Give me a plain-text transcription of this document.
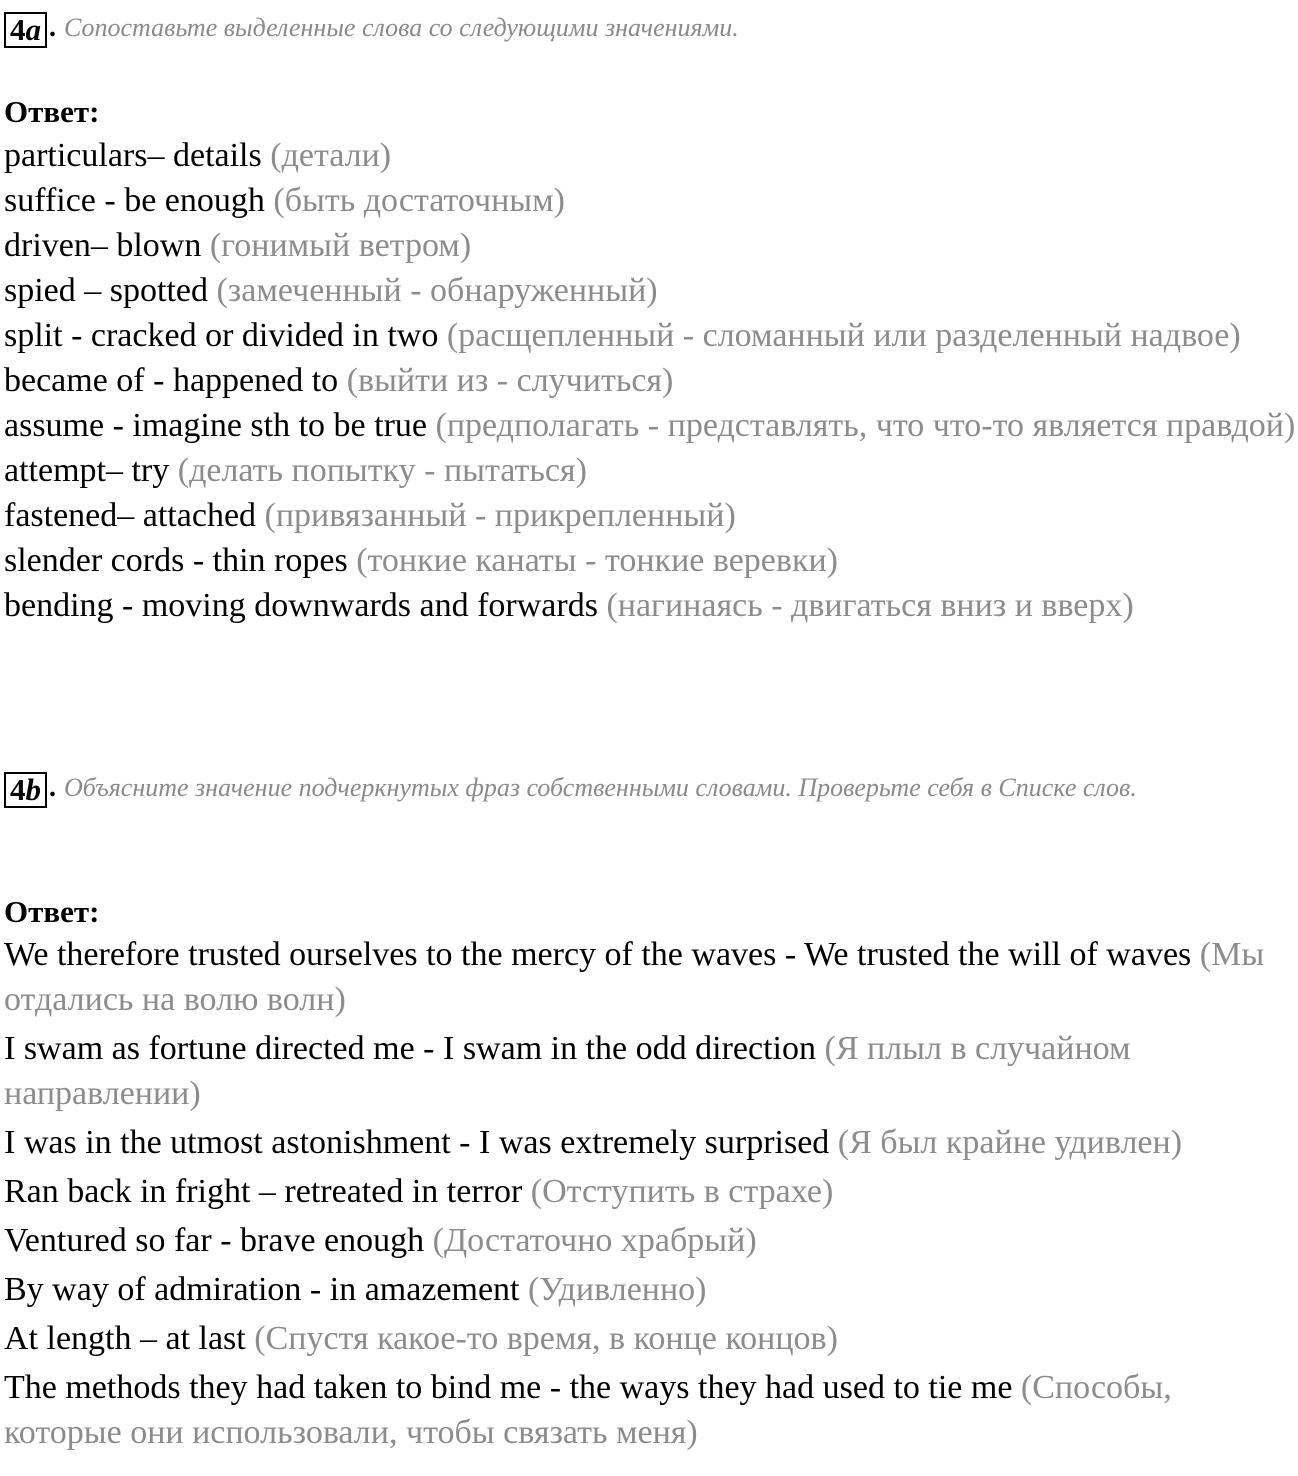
4a . Сопоставьте выделенные слова со следующими значениями.
Ответ:
particulars– details (детали)
suffice - be enough (быть достаточным)
driven– blown (гонимый ветром)
spied – spotted (замеченный - обнаруженный)
split - cracked or divided in two (расщепленный - сломанный или разделенный надвое)
became of - happened to (выйти из - случиться)
assume - imagine sth to be true (предполагать - представлять, что что-то является правдой)
attempt– try (делать попытку - пытаться)
fastened– attached (привязанный - прикрепленный)
slender cords - thin ropes (тонкие канаты - тонкие веревки)
bending - moving downwards and forwards (нагинаясь - двигаться вниз и вверх)
4b . Объясните значение подчеркнутых фраз собственными словами. Проверьте себя в Списке слов.
Ответ:
We therefore trusted ourselves to the mercy of the waves - We trusted the will of waves (Мы отдались на волю волн)
I swam as fortune directed me - I swam in the odd direction (Я плыл в случайном направлении)
I was in the utmost astonishment - I was extremely surprised (Я был крайне удивлен)
Ran back in fright – retreated in terror (Отступить в страхе)
Ventured so far - brave enough (Достаточно храбрый)
By way of admiration - in amazement (Удивленно)
At length – at last (Спустя какое-то время, в конце концов)
The methods they had taken to bind me - the ways they had used to tie me (Способы, которые они использовали, чтобы связать меня)
